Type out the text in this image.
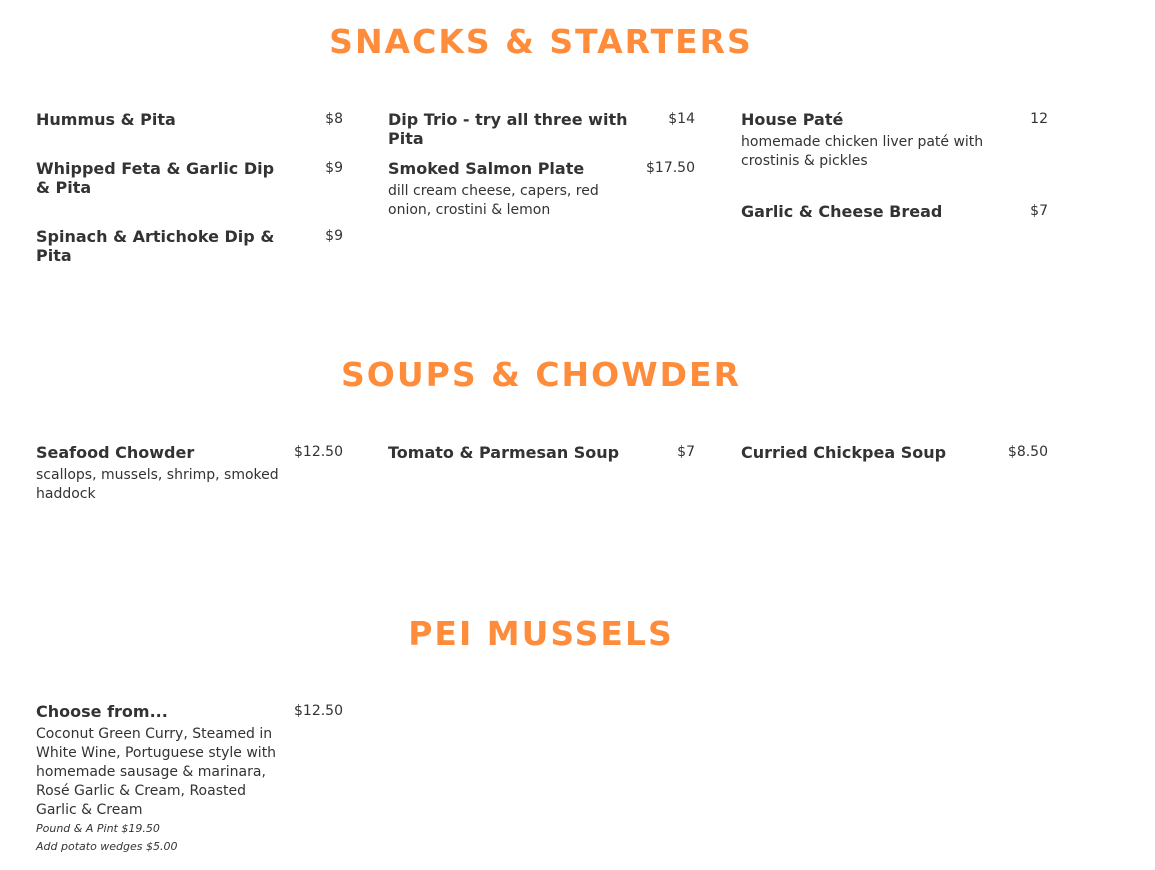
SNACKS & STARTERS
Hummus & Pita	$8
Whipped Feta & Garlic Dip & Pita
$9
Spinach & Artichoke Dip & Pita
$9
Dip Trio - try all three with Pita
$14
Smoked Salmon Plate	$17.50
dill cream cheese, capers, red onion, crostini & lemon
House Paté	12
homemade chicken liver paté with crostinis & pickles
Garlic & Cheese Bread	$7
SOUPS & CHOWDER
Seafood Chowder	$12.50
scallops, mussels, shrimp, smoked haddock
Tomato & Parmesan Soup	$7	Curried Chickpea Soup	$8.50
PEI MUSSELS
Choose from...	$12.50
Coconut Green Curry, Steamed in White Wine, Portuguese style with homemade sausage & marinara, Rosé Garlic & Cream, Roasted Garlic & Cream
Pound & A Pint $19.50
Add potato wedges $5.00
